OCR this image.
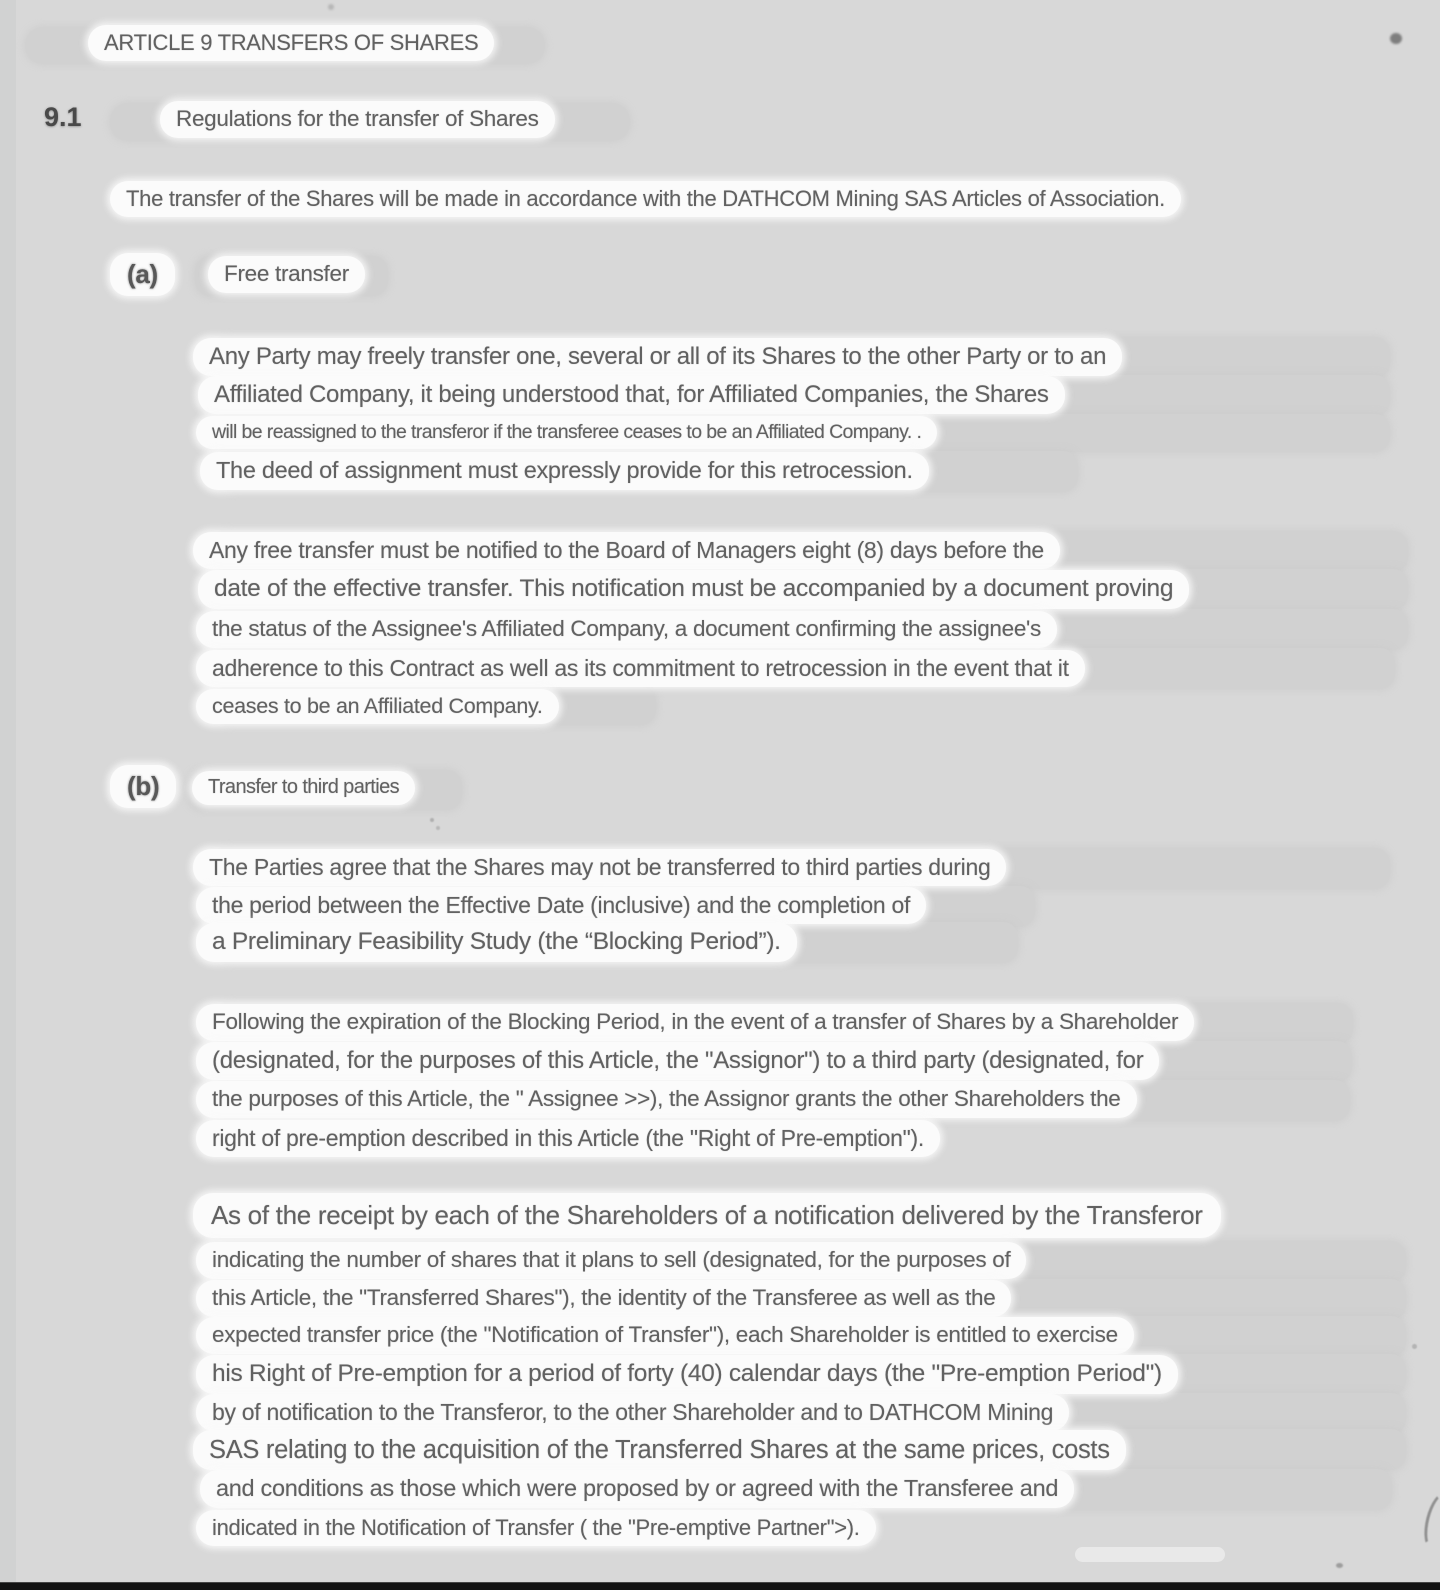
ARTICLE 9 TRANSFERS OF SHARES
9.1	Regulations for the transfer of Shares
The transfer of the Shares will be made in accordance with the DATHCOM Mining SAS Articles of Association.
(a)	Free transfer
Any Party may freely transfer one, several or all of its Shares to the other Party or to an
Affiliated Company, it being understood that, for Affiliated Companies, the Shares
will be reassigned to the transferor if the transferee ceases to be an Affiliated Company. .
The deed of assignment must expressly provide for this retrocession.
Any free transfer must be notified to the Board of Managers eight (8) days before the
date of the effective transfer. This notification must be accompanied by a document proving
the status of the Assignee's Affiliated Company, a document confirming the assignee's
adherence to this Contract as well as its commitment to retrocession in the event that it
ceases to be an Affiliated Company.
(b)	Transfer to third parties
The Parties agree that the Shares may not be transferred to third parties during
the period between the Effective Date (inclusive) and the completion of
a Preliminary Feasibility Study (the “Blocking Period”).
Following the expiration of the Blocking Period, in the event of a transfer of Shares by a Shareholder
(designated, for the purposes of this Article, the "Assignor") to a third party (designated, for
the purposes of this Article, the " Assignee >>), the Assignor grants the other Shareholders the
right of pre-emption described in this Article (the "Right of Pre-emption").
As of the receipt by each of the Shareholders of a notification delivered by the Transferor
indicating the number of shares that it plans to sell (designated, for the purposes of
this Article, the "Transferred Shares"), the identity of the Transferee as well as the
expected transfer price (the "Notification of Transfer"), each Shareholder is entitled to exercise
his Right of Pre-emption for a period of forty (40) calendar days (the "Pre-emption Period")
by of notification to the Transferor, to the other Shareholder and to DATHCOM Mining
SAS relating to the acquisition of the Transferred Shares at the same prices, costs
and conditions as those which were proposed by or agreed with the Transferee and
indicated in the Notification of Transfer ( the "Pre-emptive Partner">).
